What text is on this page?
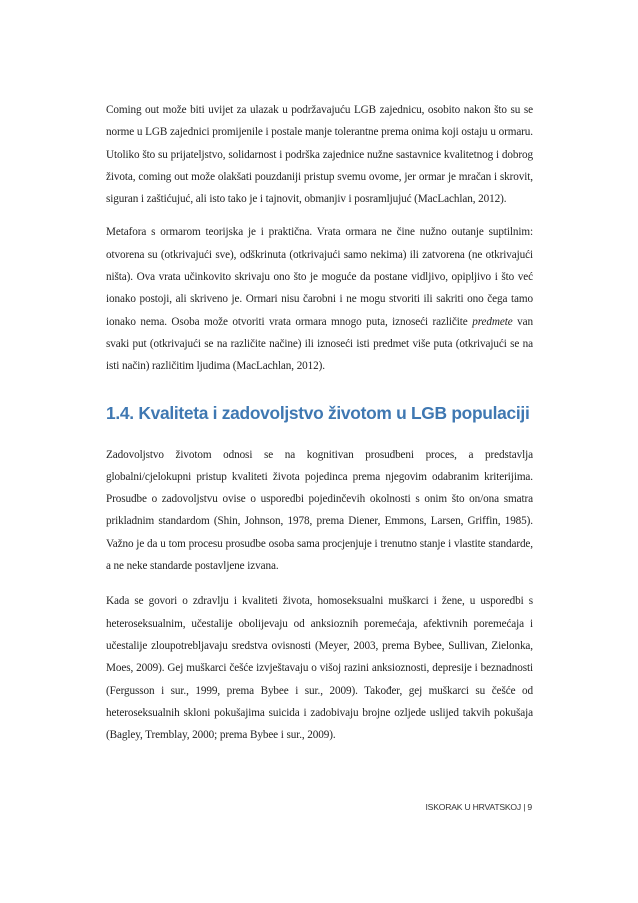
Coming out može biti uvijet za ulazak u podržavajuću LGB zajednicu, osobito nakon što su se norme u LGB zajednici promijenile i postale manje tolerantne prema onima koji ostaju u ormaru. Utoliko što su prijateljstvo, solidarnost i podrška zajednice nužne sastavnice kvalitetnog i dobrog života, coming out može olakšati pouzdaniji pristup svemu ovome, jer ormar je mračan i skrovit, siguran i zaštićujuć, ali isto tako je i tajnovit, obmanjiv i posramljujuć (MacLachlan, 2012).

Metafora s ormarom teorijska je i praktična. Vrata ormara ne čine nužno outanje suptilnim: otvorena su (otkrivajući sve), odškrinuta (otkrivajući samo nekima) ili zatvorena (ne otkrivajući ništa). Ova vrata učinkovito skrivaju ono što je moguće da postane vidljivo, opipljivo i što već ionako postoji, ali skriveno je. Ormari nisu čarobni i ne mogu stvoriti ili sakriti ono čega tamo ionako nema. Osoba može otvoriti vrata ormara mnogo puta, iznoseći različite predmete van svaki put (otkrivajući se na različite načine) ili iznoseći isti predmet više puta (otkrivajući se na isti način) različitim ljudima (MacLachlan, 2012).

1.4. Kvaliteta i zadovoljstvo životom u LGB populaciji

Zadovoljstvo životom odnosi se na kognitivan prosudbeni proces, a predstavlja globalni/cjelokupni pristup kvaliteti života pojedinca prema njegovim odabranim kriterijima. Prosudbe o zadovoljstvu ovise o usporedbi pojedinčevih okolnosti s onim što on/ona smatra prikladnim standardom (Shin, Johnson, 1978, prema Diener, Emmons, Larsen, Griffin, 1985). Važno je da u tom procesu prosudbe osoba sama procjenjuje i trenutno stanje i vlastite standarde, a ne neke standarde postavljene izvana.

Kada se govori o zdravlju i kvaliteti života, homoseksualni muškarci i žene, u usporedbi s heteroseksualnim, učestalije obolijevaju od anksioznih poremećaja, afektivnih poremećaja i učestalije zloupotrebljavaju sredstva ovisnosti (Meyer, 2003, prema Bybee, Sullivan, Zielonka, Moes, 2009). Gej muškarci češće izvještavaju o višoj razini anksioznosti, depresije i beznadnosti (Fergusson i sur., 1999, prema Bybee i sur., 2009). Također, gej muškarci su češće od heteroseksualnih skloni pokušajima suicida i zadobivaju brojne ozljede uslijed takvih pokušaja (Bagley, Tremblay, 2000; prema Bybee i sur., 2009).

ISKORAK U HRVATSKOJ | 9
